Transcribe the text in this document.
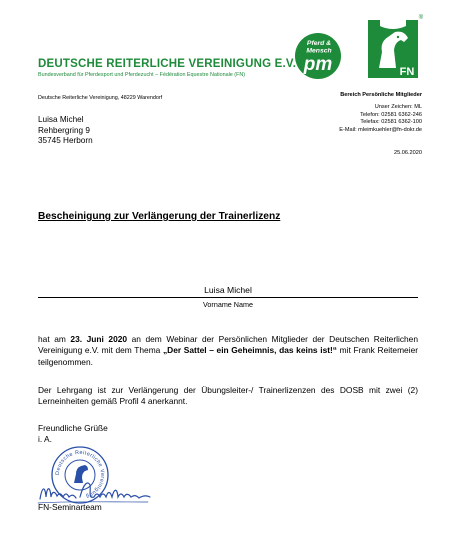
DEUTSCHE REITERLICHE VEREINIGUNG E.V.
Bundesverband für Pferdesport und Pferdezucht – Fédération Equestre Nationale (FN)
Pferd &
Mensch
pm	FN
®
Deutsche Reiterliche Vereinigung, 48229 Warendorf	Bereich Persönliche Mitglieder
Unser Zeichen: ML
Telefon: 02581 6362-246
Telefax: 02581 6362-100
E-Mail: mleimkuehler@fn-dokr.de
25.06.2020
Luisa Michel
Rehbergring 9
35745 Herborn
Bescheinigung zur Verlängerung der Trainerlizenz
Luisa Michel
Vorname Name
hat am 23. Juni 2020 an dem Webinar der Persönlichen Mitglieder der Deutschen Reiterlichen Vereinigung e.V. mit dem Thema „Der Sattel – ein Geheimnis, das keins ist!“ mit Frank Reitemeier teilgenommen.
Der Lehrgang ist zur Verlängerung der Übungsleiter-/ Trainerlizenzen des DOSB mit zwei (2) Lerneinheiten gemäß Profil 4 anerkannt.
Freundliche Grüße
i. A.
Deutsche Reiterliche Vereinigung
FN-Seminarteam
